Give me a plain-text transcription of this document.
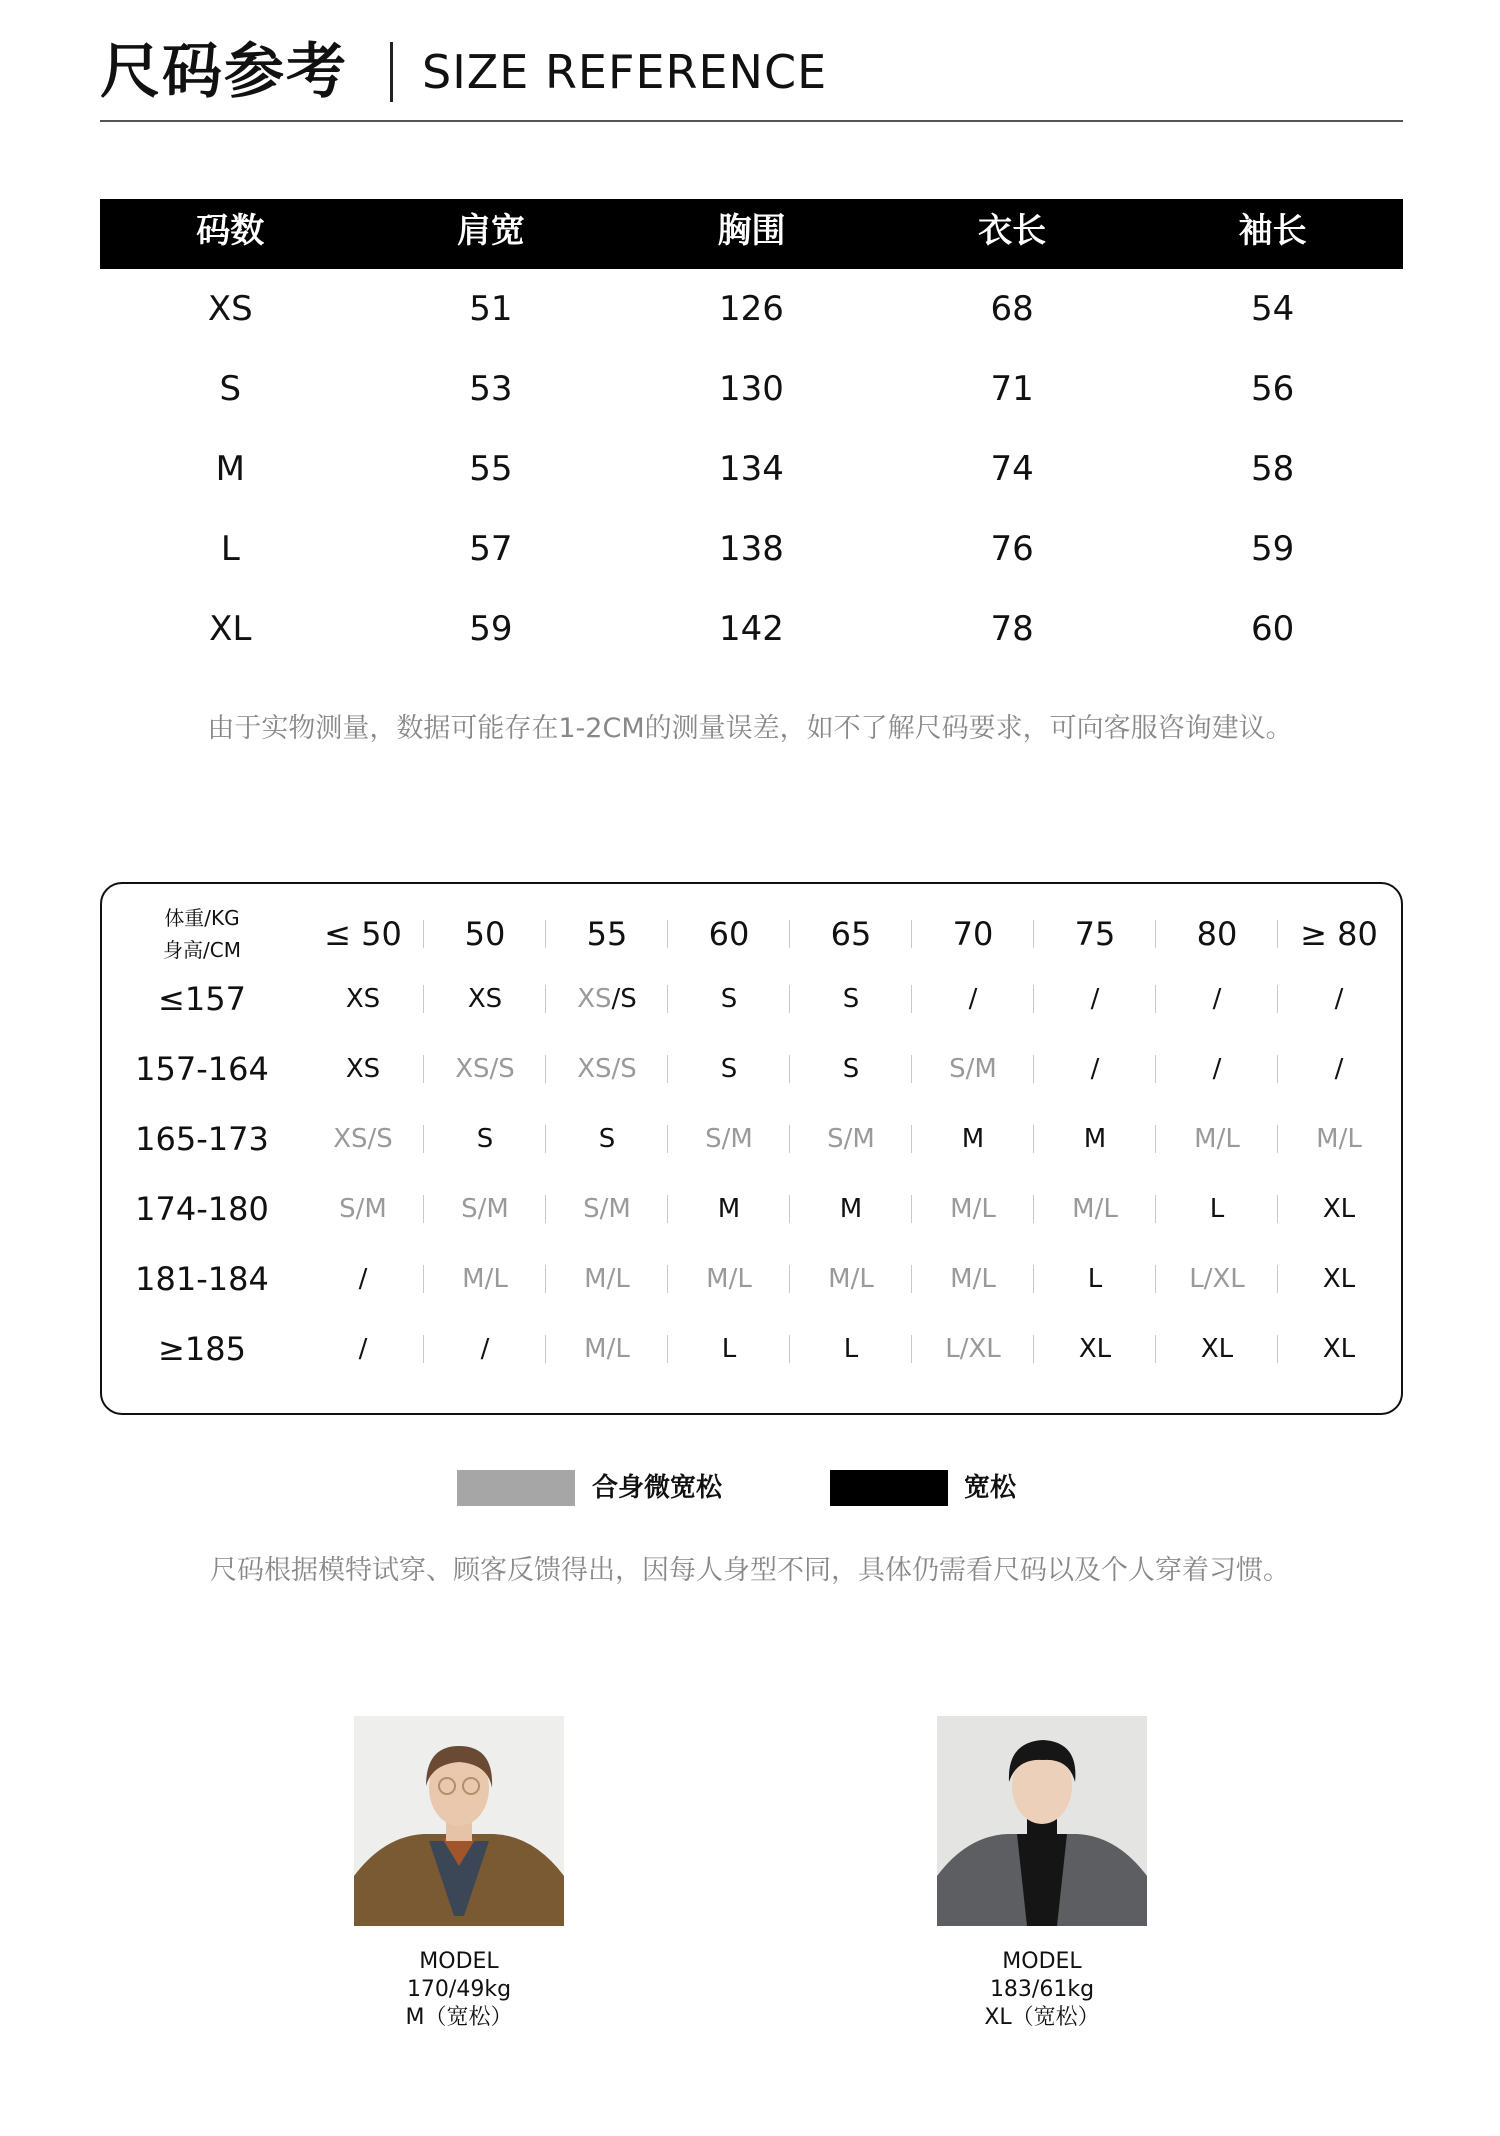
尺码参考 SIZE REFERENCE
码数	肩宽	胸围	衣长	袖长
XS	51	126	68	54
S	53	130	71	56
M	55	134	74	58
L	57	138	76	59
XL	59	142	78	60
由于实物测量，数据可能存在1-2CM的测量误差，如不了解尺码要求，可向客服咨询建议。
体重/KG
身高/CM	≤ 50	50	55	60	65	70	75	80	≥ 80
≤157	XS	XS	XS/S	S	S	/	/	/	/
157-164	XS	XS/S	XS/S	S	S	S/M	/	/	/
165-173	XS/S	S	S	S/M	S/M	M	M	M/L	M/L
174-180	S/M	S/M	S/M	M	M	M/L	M/L	L	XL
181-184	/	M/L	M/L	M/L	M/L	M/L	L	L/XL	XL
≥185	/	/	M/L	L	L	L/XL	XL	XL	XL
合身微宽松	宽松
尺码根据模特试穿、顾客反馈得出，因每人身型不同，具体仍需看尺码以及个人穿着习惯。
MODEL
170/49kg
M（宽松）
MODEL
183/61kg
XL（宽松）
